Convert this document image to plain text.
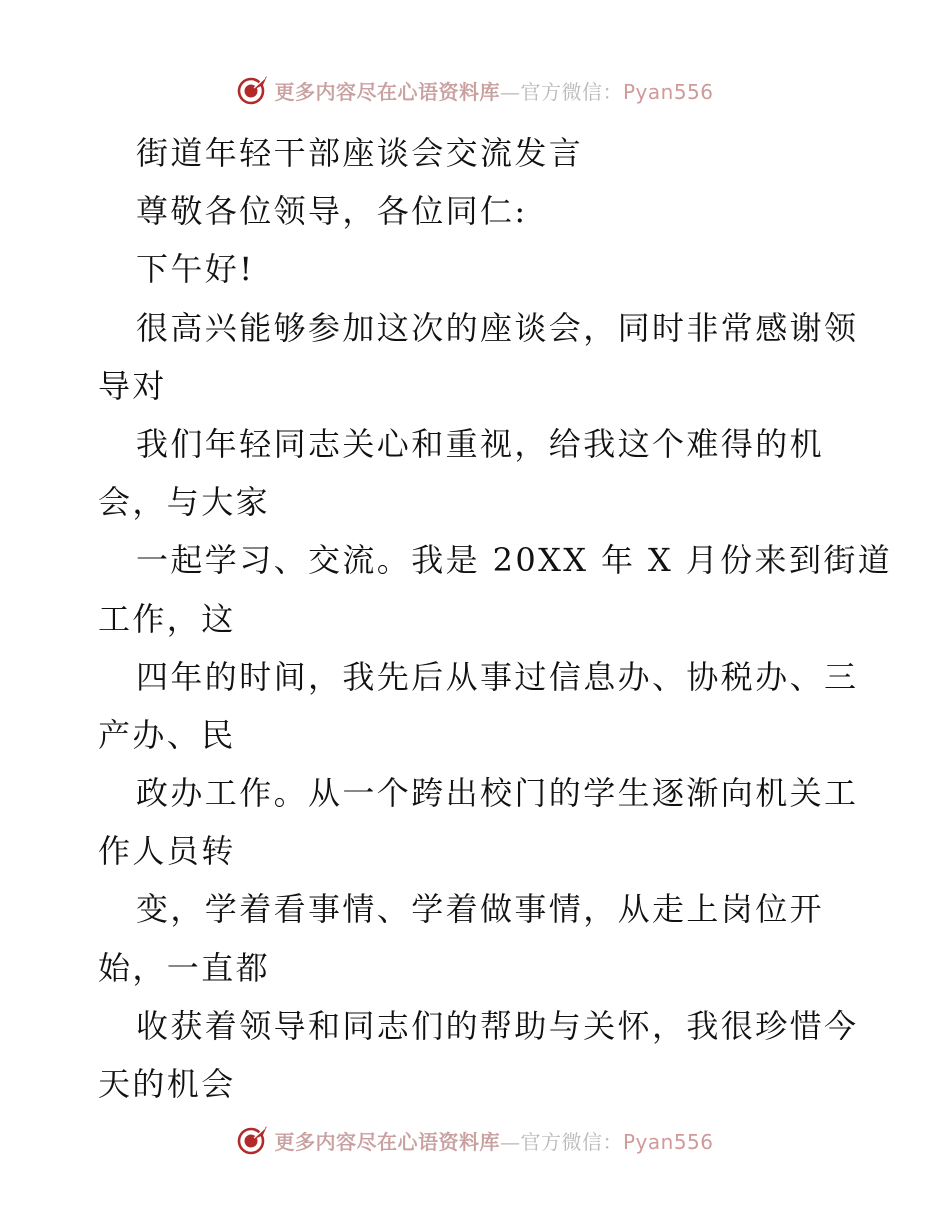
更多内容尽在心语资料库—官方微信：Pyan556
街道年轻干部座谈会交流发言
尊敬各位领导，各位同仁:
下午好!
很高兴能够参加这次的座谈会，同时非常感谢领
导对
我们年轻同志关心和重视，给我这个难得的机
会，与大家
一起学习、交流。我是 20XX 年 X 月份来到街道
工作，这
四年的时间，我先后从事过信息办、协税办、三
产办、民
政办工作。从一个跨出校门的学生逐渐向机关工
作人员转
变，学着看事情、学着做事情，从走上岗位开
始，一直都
收获着领导和同志们的帮助与关怀，我很珍惜今
天的机会
更多内容尽在心语资料库—官方微信：Pyan556
